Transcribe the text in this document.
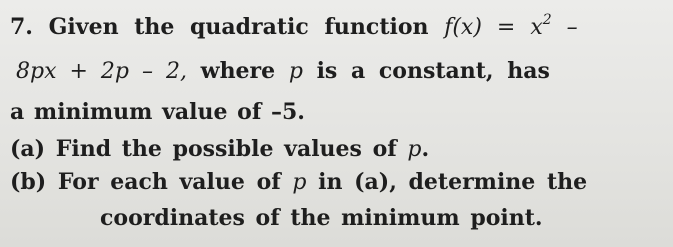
7. Given the quadratic function $f(x) = x^2$ –
8px + 2p – 2, where p is a constant, has
a minimum value of –5.
(a) Find the possible values of p.
(b) For each value of p in (a), determine the
coordinates of the minimum point.
